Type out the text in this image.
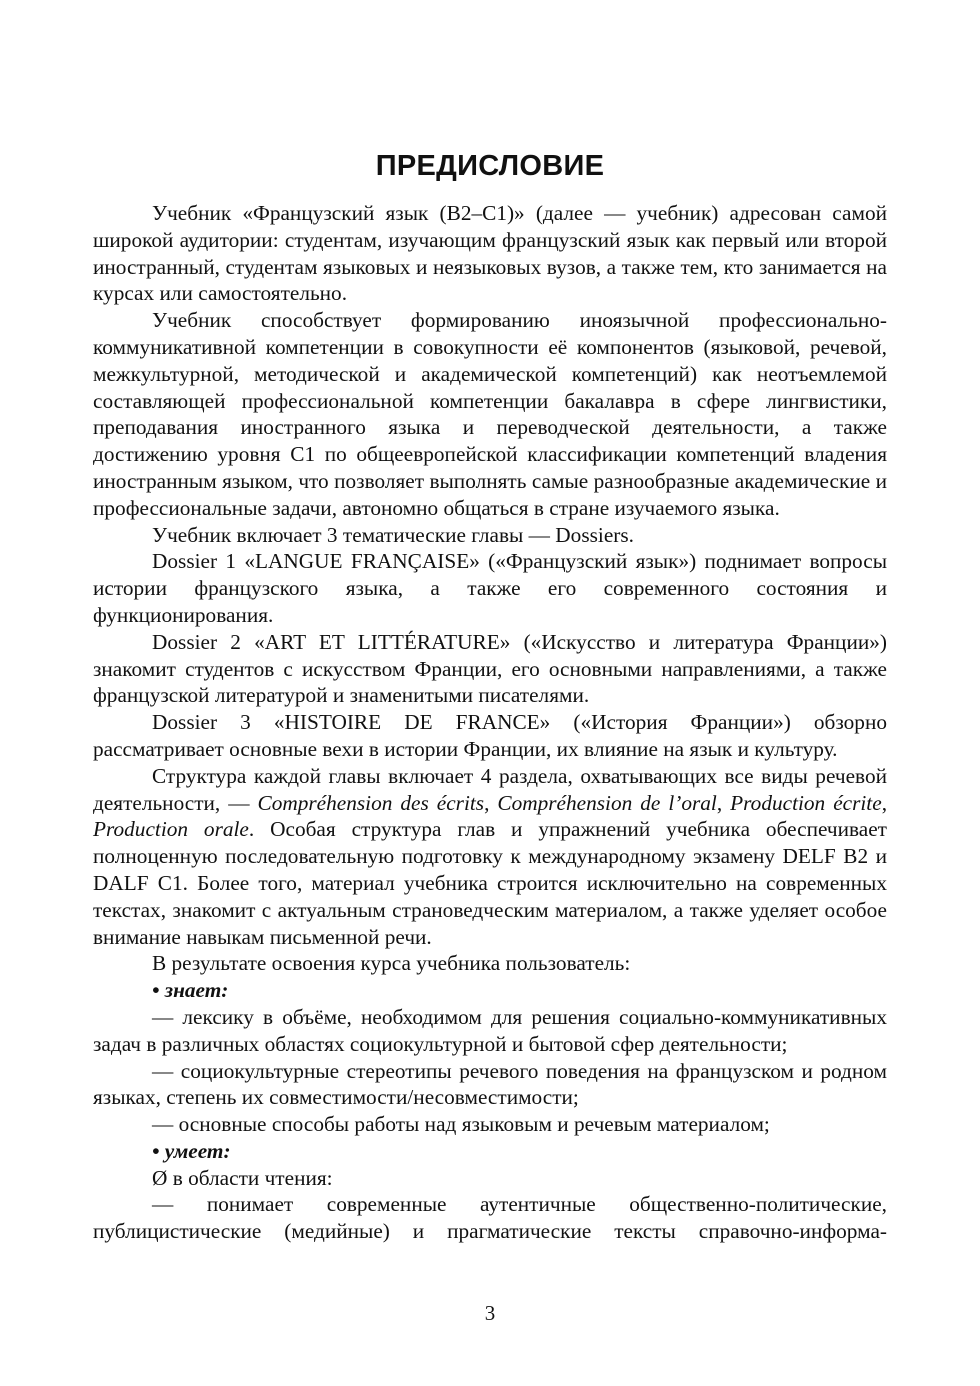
ПРЕДИСЛОВИЕ

Учебник «Французский язык (В2–С1)» (далее — учебник) адресован самой широкой аудитории: студентам, изучающим французский язык как первый или второй иностранный, студентам языковых и неязыковых вузов, а также тем, кто занимается на курсах или самостоятельно.

Учебник способствует формированию иноязычной профессионально-коммуникативной компетенции в совокупности её компонентов (языковой, речевой, межкультурной, методической и академической компетенций) как неотъемлемой составляющей профессиональной компетенции бакалавра в сфере лингвистики, преподавания иностранного языка и переводческой деятельности, а также достижению уровня С1 по общеевропейской классификации компетенций владения иностранным языком, что позволяет выполнять самые разнообразные академические и профессиональные задачи, автономно общаться в стране изучаемого языка.

Учебник включает 3 тематические главы — Dossiers.

Dossier 1 «LANGUE FRANÇAISE» («Французский язык») поднимает вопросы истории французского языка, а также его современного состояния и функционирования.

Dossier 2 «ART ET LITTÉRATURE» («Искусство и литература Франции») знакомит студентов с искусством Франции, его основными направлениями, а также французской литературой и знаменитыми писателями.

Dossier 3 «HISTOIRE DE FRANCE» («История Франции») обзорно рассматривает основные вехи в истории Франции, их влияние на язык и культуру.

Структура каждой главы включает 4 раздела, охватывающих все виды речевой деятельности, — Compréhension des écrits, Compréhension de l’oral, Production écrite, Production orale. Особая структура глав и упражнений учебника обеспечивает полноценную последовательную подготовку к международному экзамену DELF B2 и DALF C1. Более того, материал учебника строится исключительно на современных текстах, знакомит с актуальным страноведческим материалом, а также уделяет особое внимание навыкам письменной речи.

В результате освоения курса учебника пользователь:

• знает:

— лексику в объёме, необходимом для решения социально-коммуникативных задач в различных областях социокультурной и бытовой сфер деятельности;

— социокультурные стереотипы речевого поведения на французском и родном языках, степень их совместимости/несовместимости;

— основные способы работы над языковым и речевым материалом;

• умеет:

Ø в области чтения:

— понимает современные аутентичные общественно-политические, публицистические (медийные) и прагматические тексты справочно-информа-

3
